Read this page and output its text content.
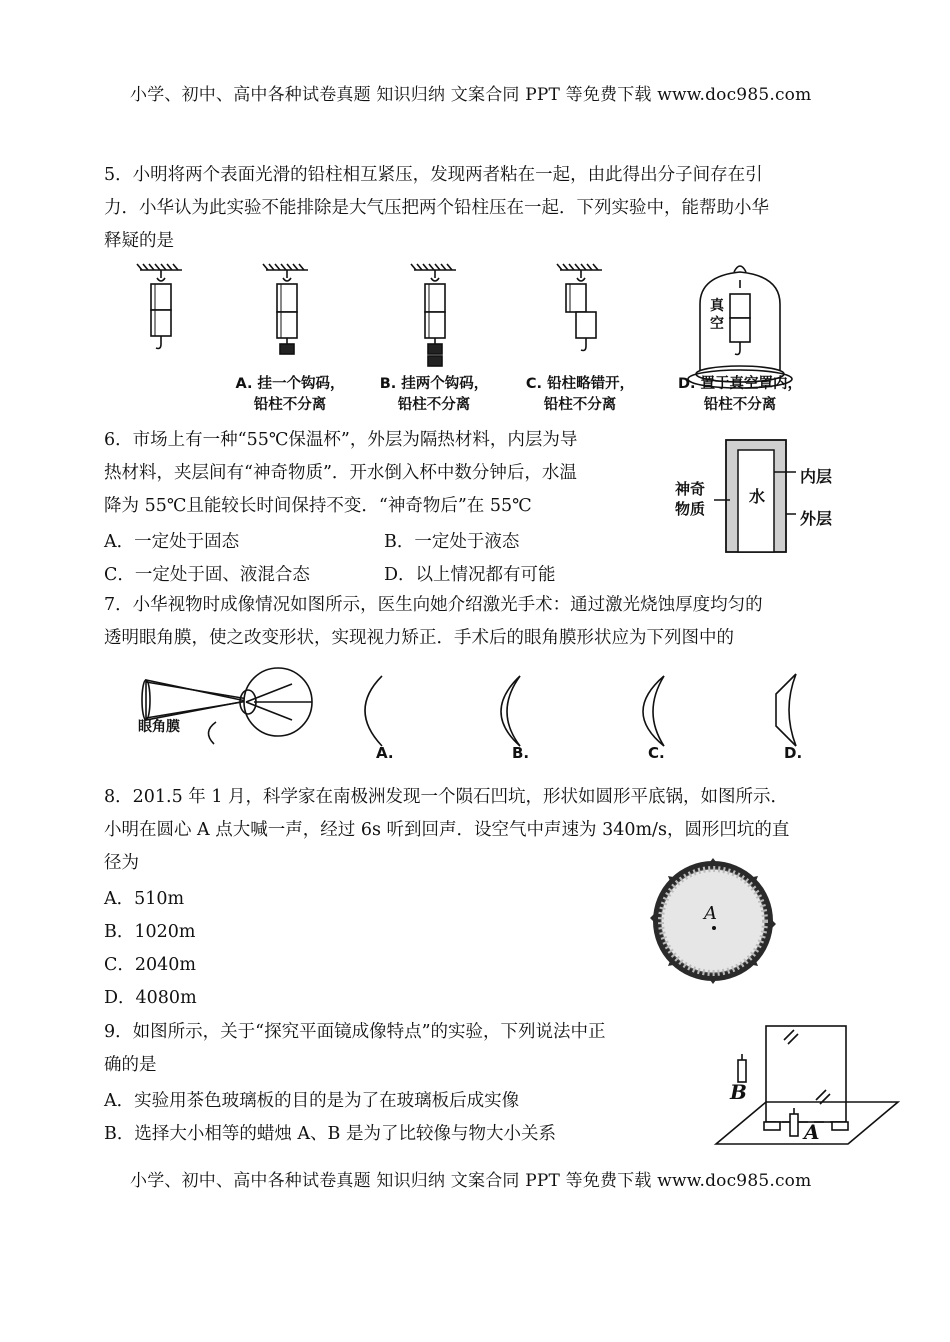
小学、初中、高中各种试卷真题 知识归纳 文案合同 PPT 等免费下载 www.doc985.com
5．小明将两个表面光滑的铅柱相互紧压，发现两者粘在一起，由此得出分子间存在引
力．小华认为此实验不能排除是大气压把两个铅柱压在一起．下列实验中，能帮助小华
释疑的是
真
空
A. 挂一个钩码，
铅柱不分离
B. 挂两个钩码，
铅柱不分离
C. 铅柱略错开，
铅柱不分离
D. 置于真空罩内，
铅柱不分离
6．市场上有一种“55℃保温杯”，外层为隔热材料，内层为导
热材料，夹层间有“神奇物质”．开水倒入杯中数分钟后，水温
降为 55℃且能较长时间保持不变．“神奇物后”在 55℃
A．一定处于固态	B．一定处于液态
C．一定处于固、液混合态	D．以上情况都有可能
水
内层
外层
神奇
物质
7．小华视物时成像情况如图所示，医生向她介绍激光手术：通过激光烧蚀厚度均匀的
透明眼角膜，使之改变形状，实现视力矫正．手术后的眼角膜形状应为下列图中的
眼角膜
A.	B.	C.	D.
8．201.5 年 1 月，科学家在南极洲发现一个陨石凹坑，形状如圆形平底锅，如图所示．
小明在圆心 A 点大喊一声，经过 6s 听到回声．设空气中声速为 340m/s，圆形凹坑的直
径为
A．510m
B．1020m
C．2040m
D．4080m
A
9．如图所示，关于“探究平面镜成像特点”的实验，下列说法中正
确的是
A．实验用茶色玻璃板的目的是为了在玻璃板后成实像
B．选择大小相等的蜡烛 A、B 是为了比较像与物大小关系
B
A
小学、初中、高中各种试卷真题 知识归纳 文案合同 PPT 等免费下载 www.doc985.com
